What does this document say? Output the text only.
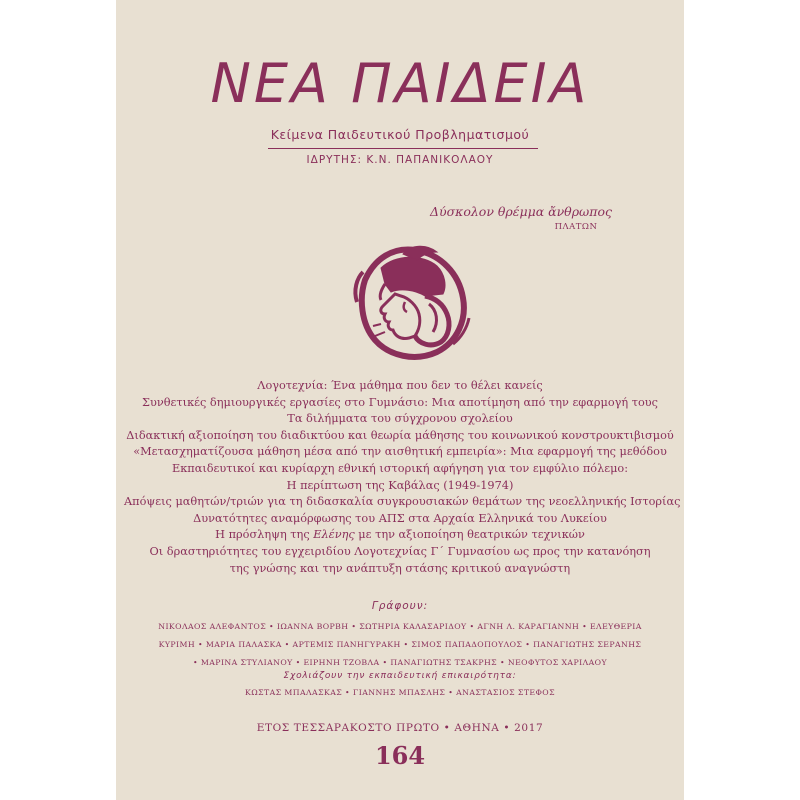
ΝΕΑ ΠΑΙΔΕΙΑ
Κείμενα Παιδευτικού Προβληματισμού
ΙΔΡΥΤΗΣ: Κ.Ν. ΠΑΠΑΝΙΚΟΛΑΟΥ
Δύσκολον θρέμμα ἄνθρωπος
ΠΛΑΤΩΝ
Λογοτεχνία: Ένα μάθημα που δεν το θέλει κανείς
Συνθετικές δημιουργικές εργασίες στο Γυμνάσιο: Μια αποτίμηση από την εφαρμογή τους
Τα διλήμματα του σύγχρονου σχολείου
Διδακτική αξιοποίηση του διαδικτύου και θεωρία μάθησης του κοινωνικού κονστρουκτιβισμού
«Μετασχηματίζουσα μάθηση μέσα από την αισθητική εμπειρία»: Μια εφαρμογή της μεθόδου
Εκπαιδευτικοί και κυρίαρχη εθνική ιστορική αφήγηση για τον εμφύλιο πόλεμο:
Η περίπτωση της Καβάλας (1949-1974)
Απόψεις μαθητών/τριών για τη διδασκαλία συγκρουσιακών θεμάτων της νεοελληνικής Ιστορίας
Δυνατότητες αναμόρφωσης του ΑΠΣ στα Αρχαία Ελληνικά του Λυκείου
Η πρόσληψη της Ελένης με την αξιοποίηση θεατρικών τεχνικών
Οι δραστηριότητες του εγχειριδίου Λογοτεχνίας Γ΄ Γυμνασίου ως προς την κατανόηση
της γνώσης και την ανάπτυξη στάσης κριτικού αναγνώστη
Γράφουν:
ΝΙΚΟΛΑΟΣ ΑΛΕΦΑΝΤΟΣ • ΙΩΑΝΝΑ ΒΟΡΒΗ • ΣΩΤΗΡΙΑ ΚΑΛΑΣΑΡΙΔΟΥ • ΑΓΝΗ Λ. ΚΑΡΑΓΙΑΝΝΗ • ΕΛΕΥΘΕΡΙΑ
ΚΥΡΙΜΗ • ΜΑΡΙΑ ΠΑΛΑΣΚΑ • ΑΡΤΕΜΙΣ ΠΑΝΗΓΥΡΑΚΗ • ΣΙΜΟΣ ΠΑΠΑΔΟΠΟΥΛΟΣ • ΠΑΝΑΓΙΩΤΗΣ ΣΕΡΑΝΗΣ
• ΜΑΡΙΝΑ ΣΤΥΛΙΑΝΟΥ • ΕΙΡΗΝΗ ΤΖΟΒΛΑ • ΠΑΝΑΓΙΩΤΗΣ ΤΣΑΚΡΗΣ • ΝΕΟΦΥΤΟΣ ΧΑΡΙΛΑΟΥ
Σχολιάζουν την εκπαιδευτική επικαιρότητα:
ΚΩΣΤΑΣ ΜΠΑΛΑΣΚΑΣ • ΓΙΑΝΝΗΣ ΜΠΑΣΛΗΣ • ΑΝΑΣΤΑΣΙΟΣ ΣΤΕΦΟΣ
ΕΤΟΣ ΤΕΣΣΑΡΑΚΟΣΤΟ ΠΡΩΤΟ • ΑΘΗΝΑ • 2017
164
